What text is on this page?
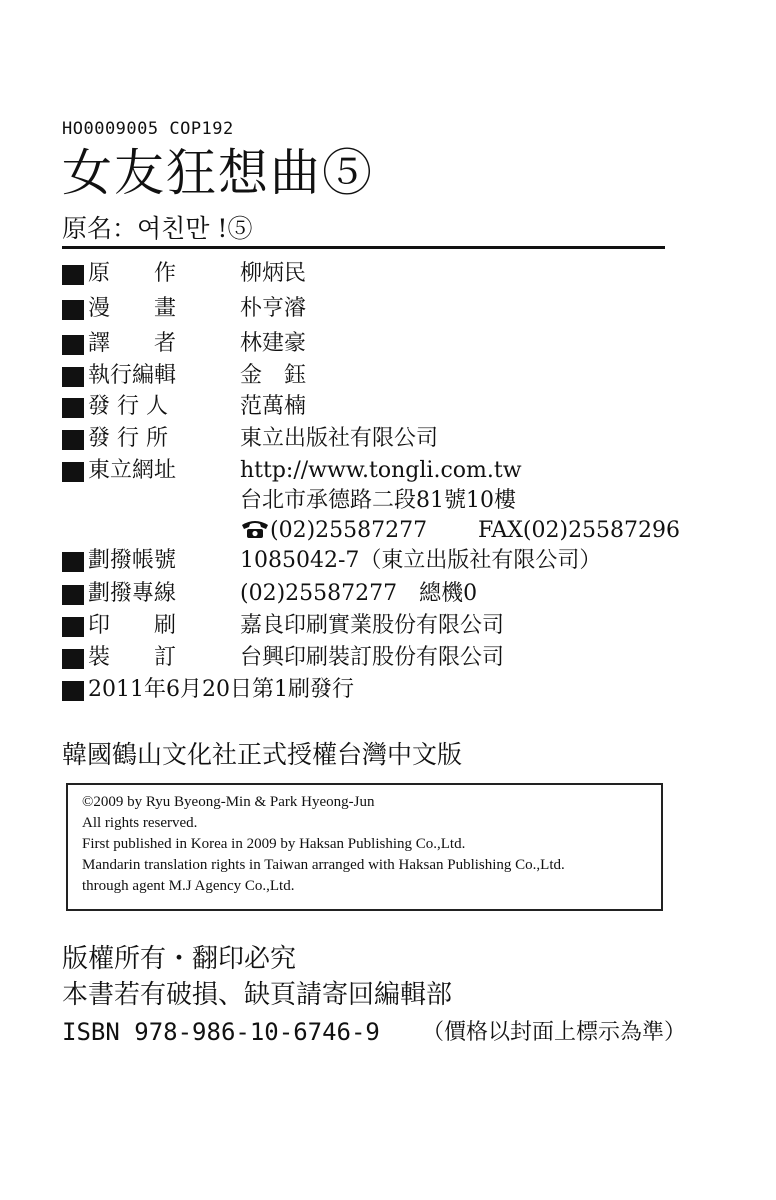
HO0009005 COP192
女友狂想曲⑤
原名：여친만 !⑤
原　　作	柳炳民
漫　　畫	朴亨濬
譯　　者	林建豪
執行編輯	金　鈺
發 行 人	范萬楠
發 行 所	東立出版社有限公司
東立網址	http://www.tongli.com.tw
台北市承德路二段81號10樓
(02)25587277 FAX(02)25587296
劃撥帳號	1085042-7（東立出版社有限公司）
劃撥專線	(02)25587277　總機0
印　　刷	嘉良印刷實業股份有限公司
裝　　訂	台興印刷裝訂股份有限公司
2011年6月20日第1刷發行
韓國鶴山文化社正式授權台灣中文版
©2009 by Ryu Byeong-Min & Park Hyeong-Jun
All rights reserved.
First published in Korea in 2009 by Haksan Publishing Co.,Ltd.
Mandarin translation rights in Taiwan arranged with Haksan Publishing Co.,Ltd.
through agent M.J Agency Co.,Ltd.
版權所有・翻印必究
本書若有破損、缺頁請寄回編輯部
ISBN 978-986-10-6746-9 （價格以封面上標示為準）
